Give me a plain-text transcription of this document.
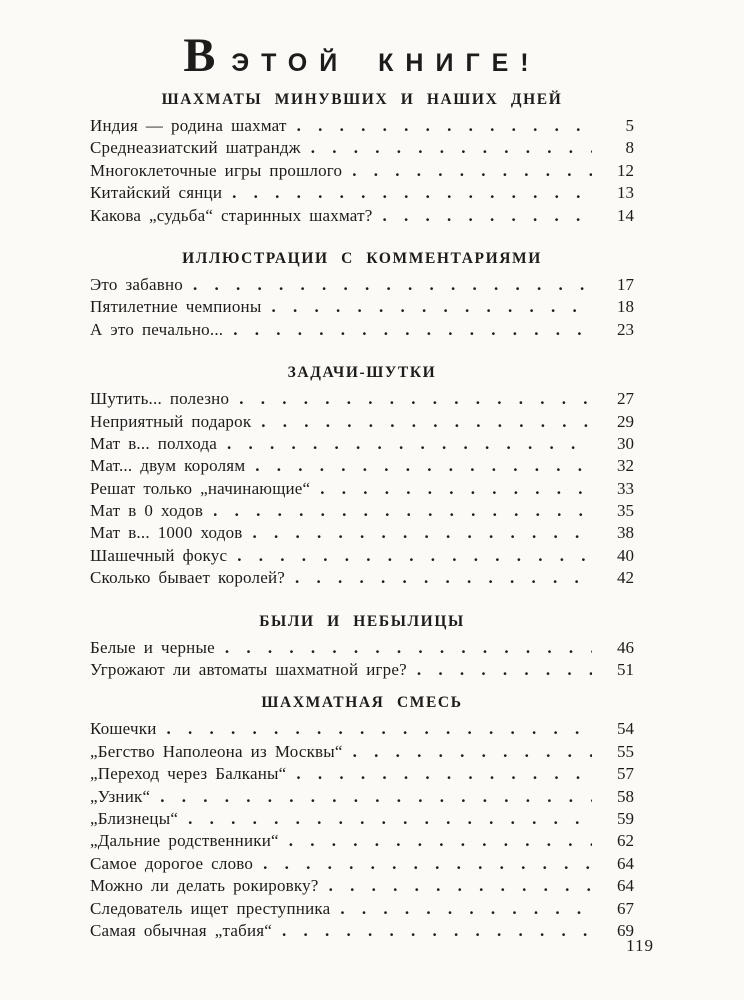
В ЭТОЙ КНИГЕ!
ШАХМАТЫ МИНУВШИХ И НАШИХ ДНЕЙ
Индия — родина шахмат . . .	5
Среднеазиатский шатрандж . . .	8
Многоклеточные игры прошлого . . .	12
Китайский сянци . . .	13
Какова „судьба“ старинных шахмат? . . .	14
ИЛЛЮСТРАЦИИ С КОММЕНТАРИЯМИ
Это забавно . . .	17
Пятилетние чемпионы . . .	18
А это печально... . . .	23
ЗАДАЧИ-ШУТКИ
Шутить... полезно . . .	27
Неприятный подарок . . .	29
Мат в... полхода . . .	30
Мат... двум королям . . .	32
Решат только „начинающие“ . . .	33
Мат в 0 ходов . . .	35
Мат в... 1000 ходов . . .	38
Шашечный фокус . . .	40
Сколько бывает королей? . . .	42
БЫЛИ И НЕБЫЛИЦЫ
Белые и черные . . .	46
Угрожают ли автоматы шахматной игре? . . .	51
ШАХМАТНАЯ СМЕСЬ
Кошечки . . .	54
„Бегство Наполеона из Москвы“ . . .	55
„Переход через Балканы“ . . .	57
„Узник“ . . .	58
„Близнецы“ . . .	59
„Дальние родственники“ . . .	62
Самое дорогое слово . . .	64
Можно ли делать рокировку? . . .	64
Следователь ищет преступника . . .	67
Самая обычная „табия“ . . .	69
119
